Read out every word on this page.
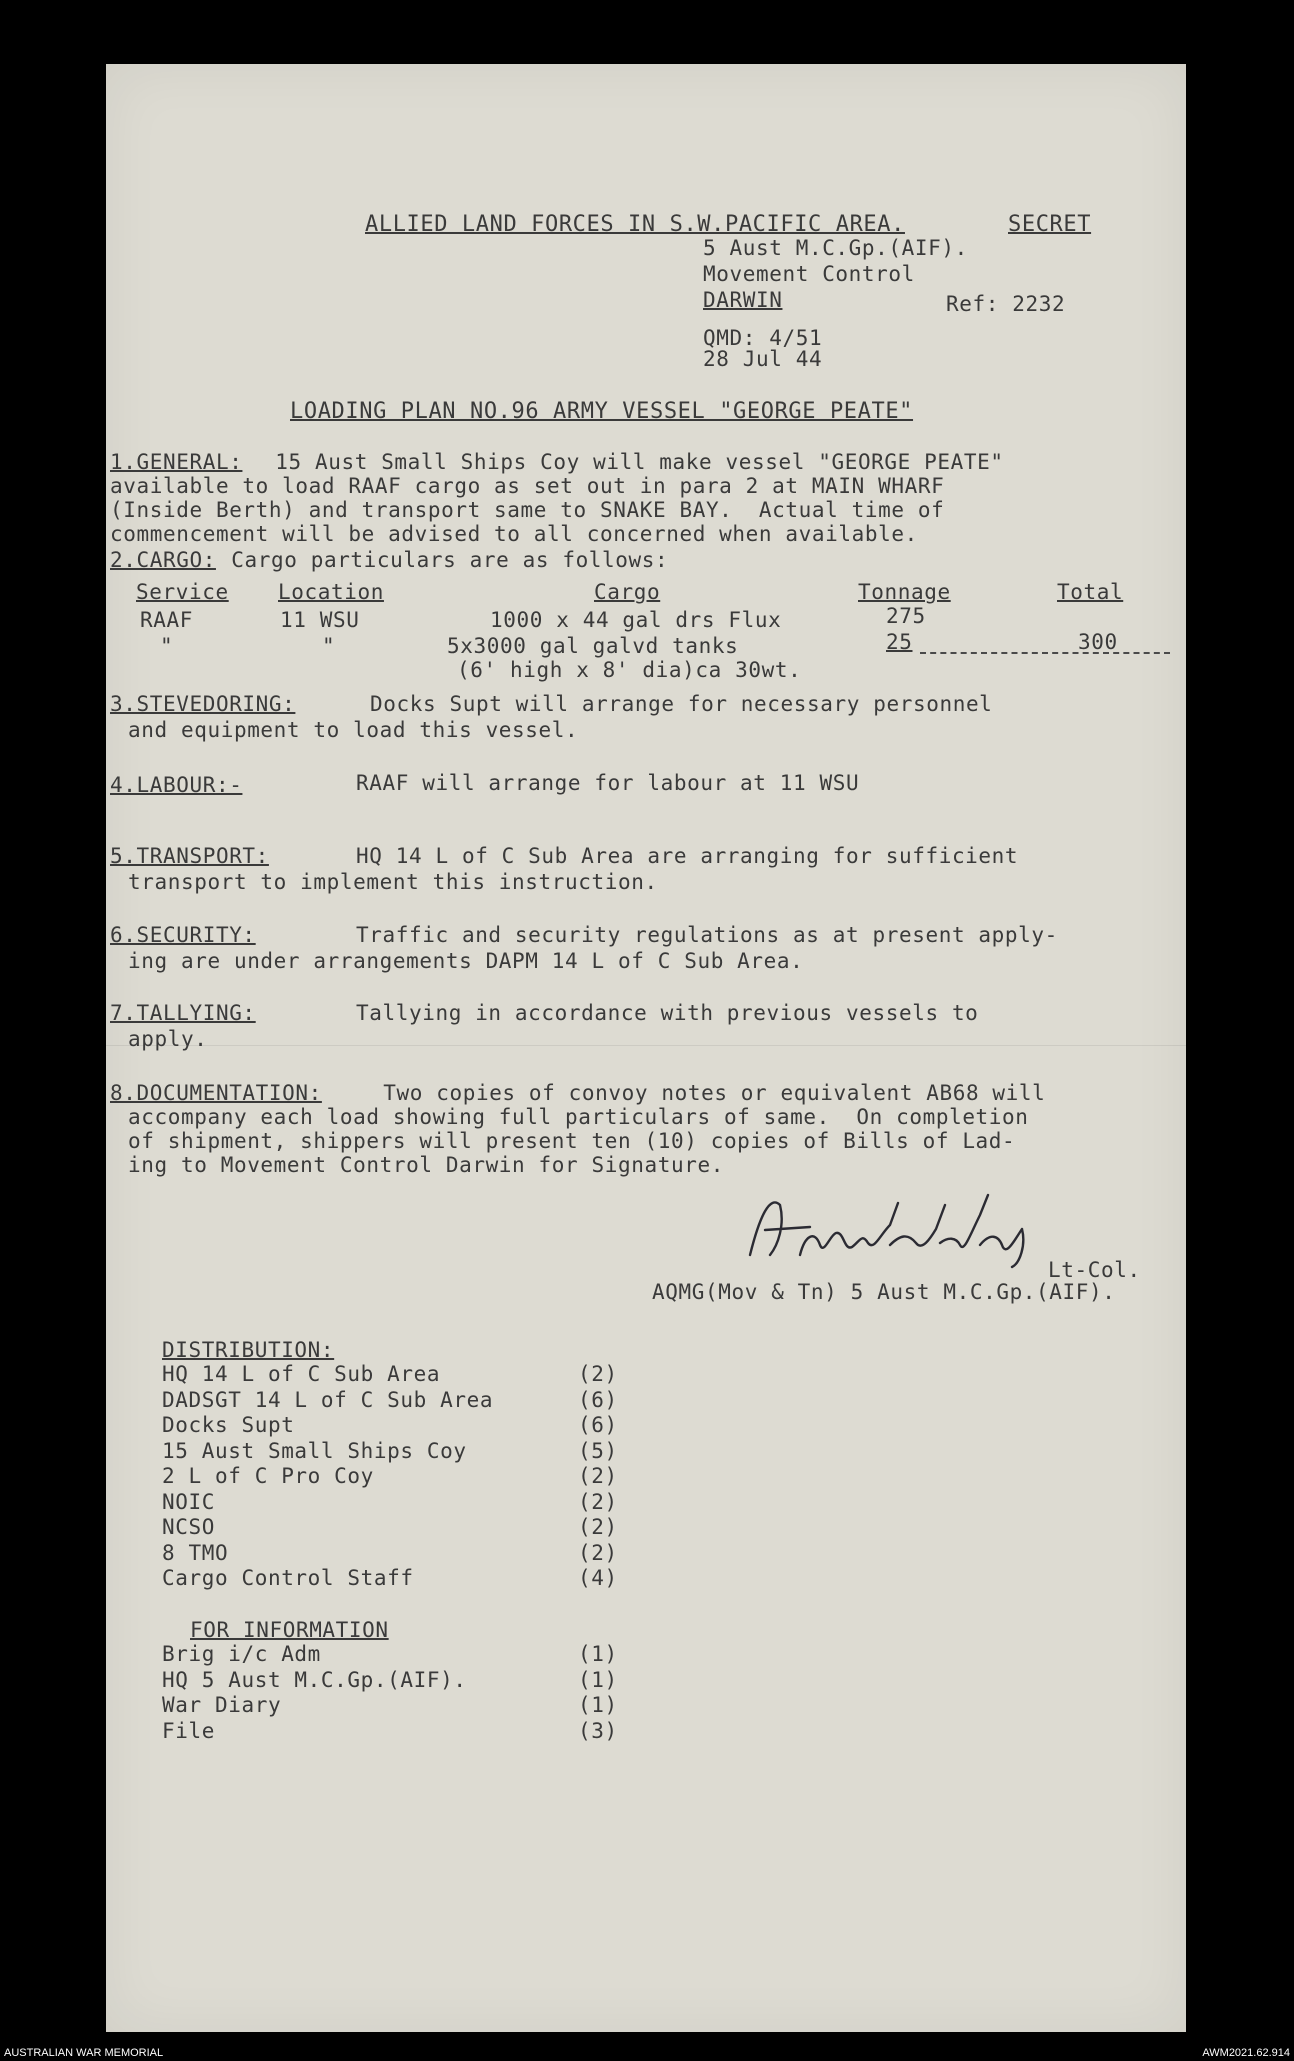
ALLIED LAND FORCES IN S.W.PACIFIC AREA.	SECRET
5 Aust M.C.Gp.(AIF).
Movement Control
DARWIN	Ref: 2232
QMD: 4/51
28 Jul 44
LOADING PLAN NO.96 ARMY VESSEL "GEORGE PEATE"
1.GENERAL: 15 Aust Small Ships Coy will make vessel "GEORGE PEATE"
available to load RAAF cargo as set out in para 2 at MAIN WHARF
(Inside Berth) and transport same to SNAKE BAY.  Actual time of
commencement will be advised to all concerned when available.
2.CARGO: Cargo particulars are as follows:
Service Location	Cargo	Tonnage	Total
RAAF	11 WSU	1000 x 44 gal drs Flux	275
"	"	5x3000 gal galvd tanks	25	300
(6' high x 8' dia)ca 30wt.
3.STEVEDORING:	Docks Supt will arrange for necessary personnel
and equipment to load this vessel.
4.LABOUR:-	RAAF will arrange for labour at 11 WSU
5.TRANSPORT:	HQ 14 L of C Sub Area are arranging for sufficient
transport to implement this instruction.
6.SECURITY:	Traffic and security regulations as at present apply-
ing are under arrangements DAPM 14 L of C Sub Area.
7.TALLYING:	Tallying in accordance with previous vessels to
apply.
8.DOCUMENTATION: Two copies of convoy notes or equivalent AB68 will
accompany each load showing full particulars of same.  On completion
of shipment, shippers will present ten (10) copies of Bills of Lad-
ing to Movement Control Darwin for Signature.
Lt-Col.
AQMG(Mov & Tn) 5 Aust M.C.Gp.(AIF).
DISTRIBUTION:
HQ 14 L of C Sub Area	(2)
DADSGT 14 L of C Sub Area	(6)
Docks Supt	(6)
15 Aust Small Ships Coy	(5)
2 L of C Pro Coy	(2)
NOIC	(2)
NCSO	(2)
8 TMO	(2)
Cargo Control Staff	(4)
FOR INFORMATION
Brig i/c Adm	(1)
HQ 5 Aust M.C.Gp.(AIF).	(1)
War Diary	(1)
File	(3)
AUSTRALIAN WAR MEMORIAL	AWM2021.62.914
